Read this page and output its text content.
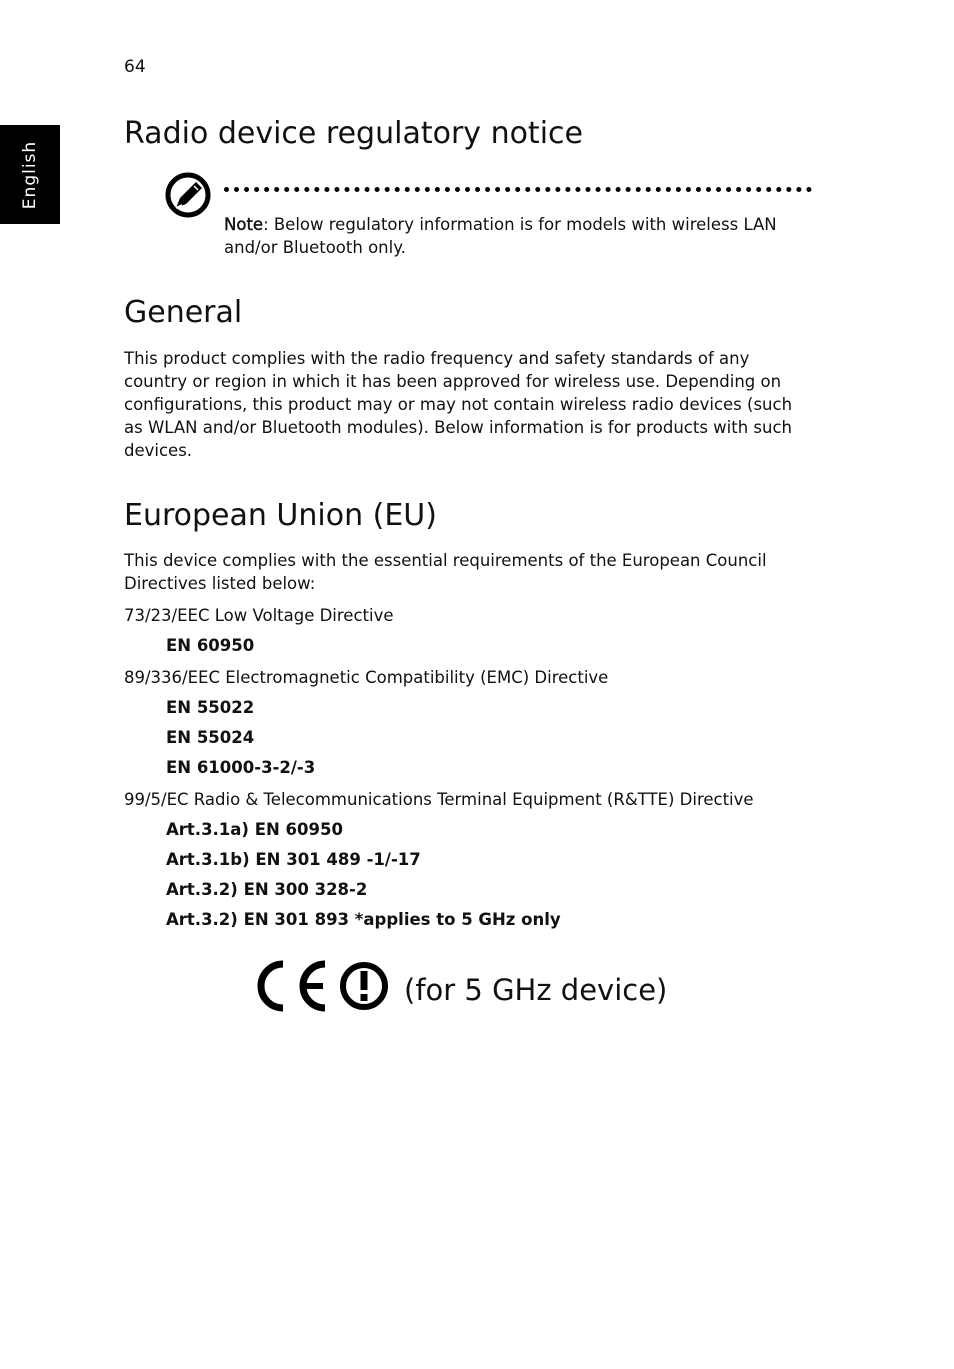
64
English
Radio device regulatory notice
Note: Below regulatory information is for models with wireless LAN and/or Bluetooth only.
General

This product complies with the radio frequency and safety standards of any country or region in which it has been approved for wireless use. Depending on configurations, this product may or may not contain wireless radio devices (such as WLAN and/or Bluetooth modules). Below information is for products with such devices.

European Union (EU)

This device complies with the essential requirements of the European Council Directives listed below:

73/23/EEC Low Voltage Directive
EN 60950
89/336/EEC Electromagnetic Compatibility (EMC) Directive
EN 55022
EN 55024
EN 61000-3-2/-3
99/5/EC Radio & Telecommunications Terminal Equipment (R&TTE) Directive
Art.3.1a) EN 60950
Art.3.1b) EN 301 489 -1/-17
Art.3.2) EN 300 328-2
Art.3.2) EN 301 893 *applies to 5 GHz only
(for 5 GHz device)
